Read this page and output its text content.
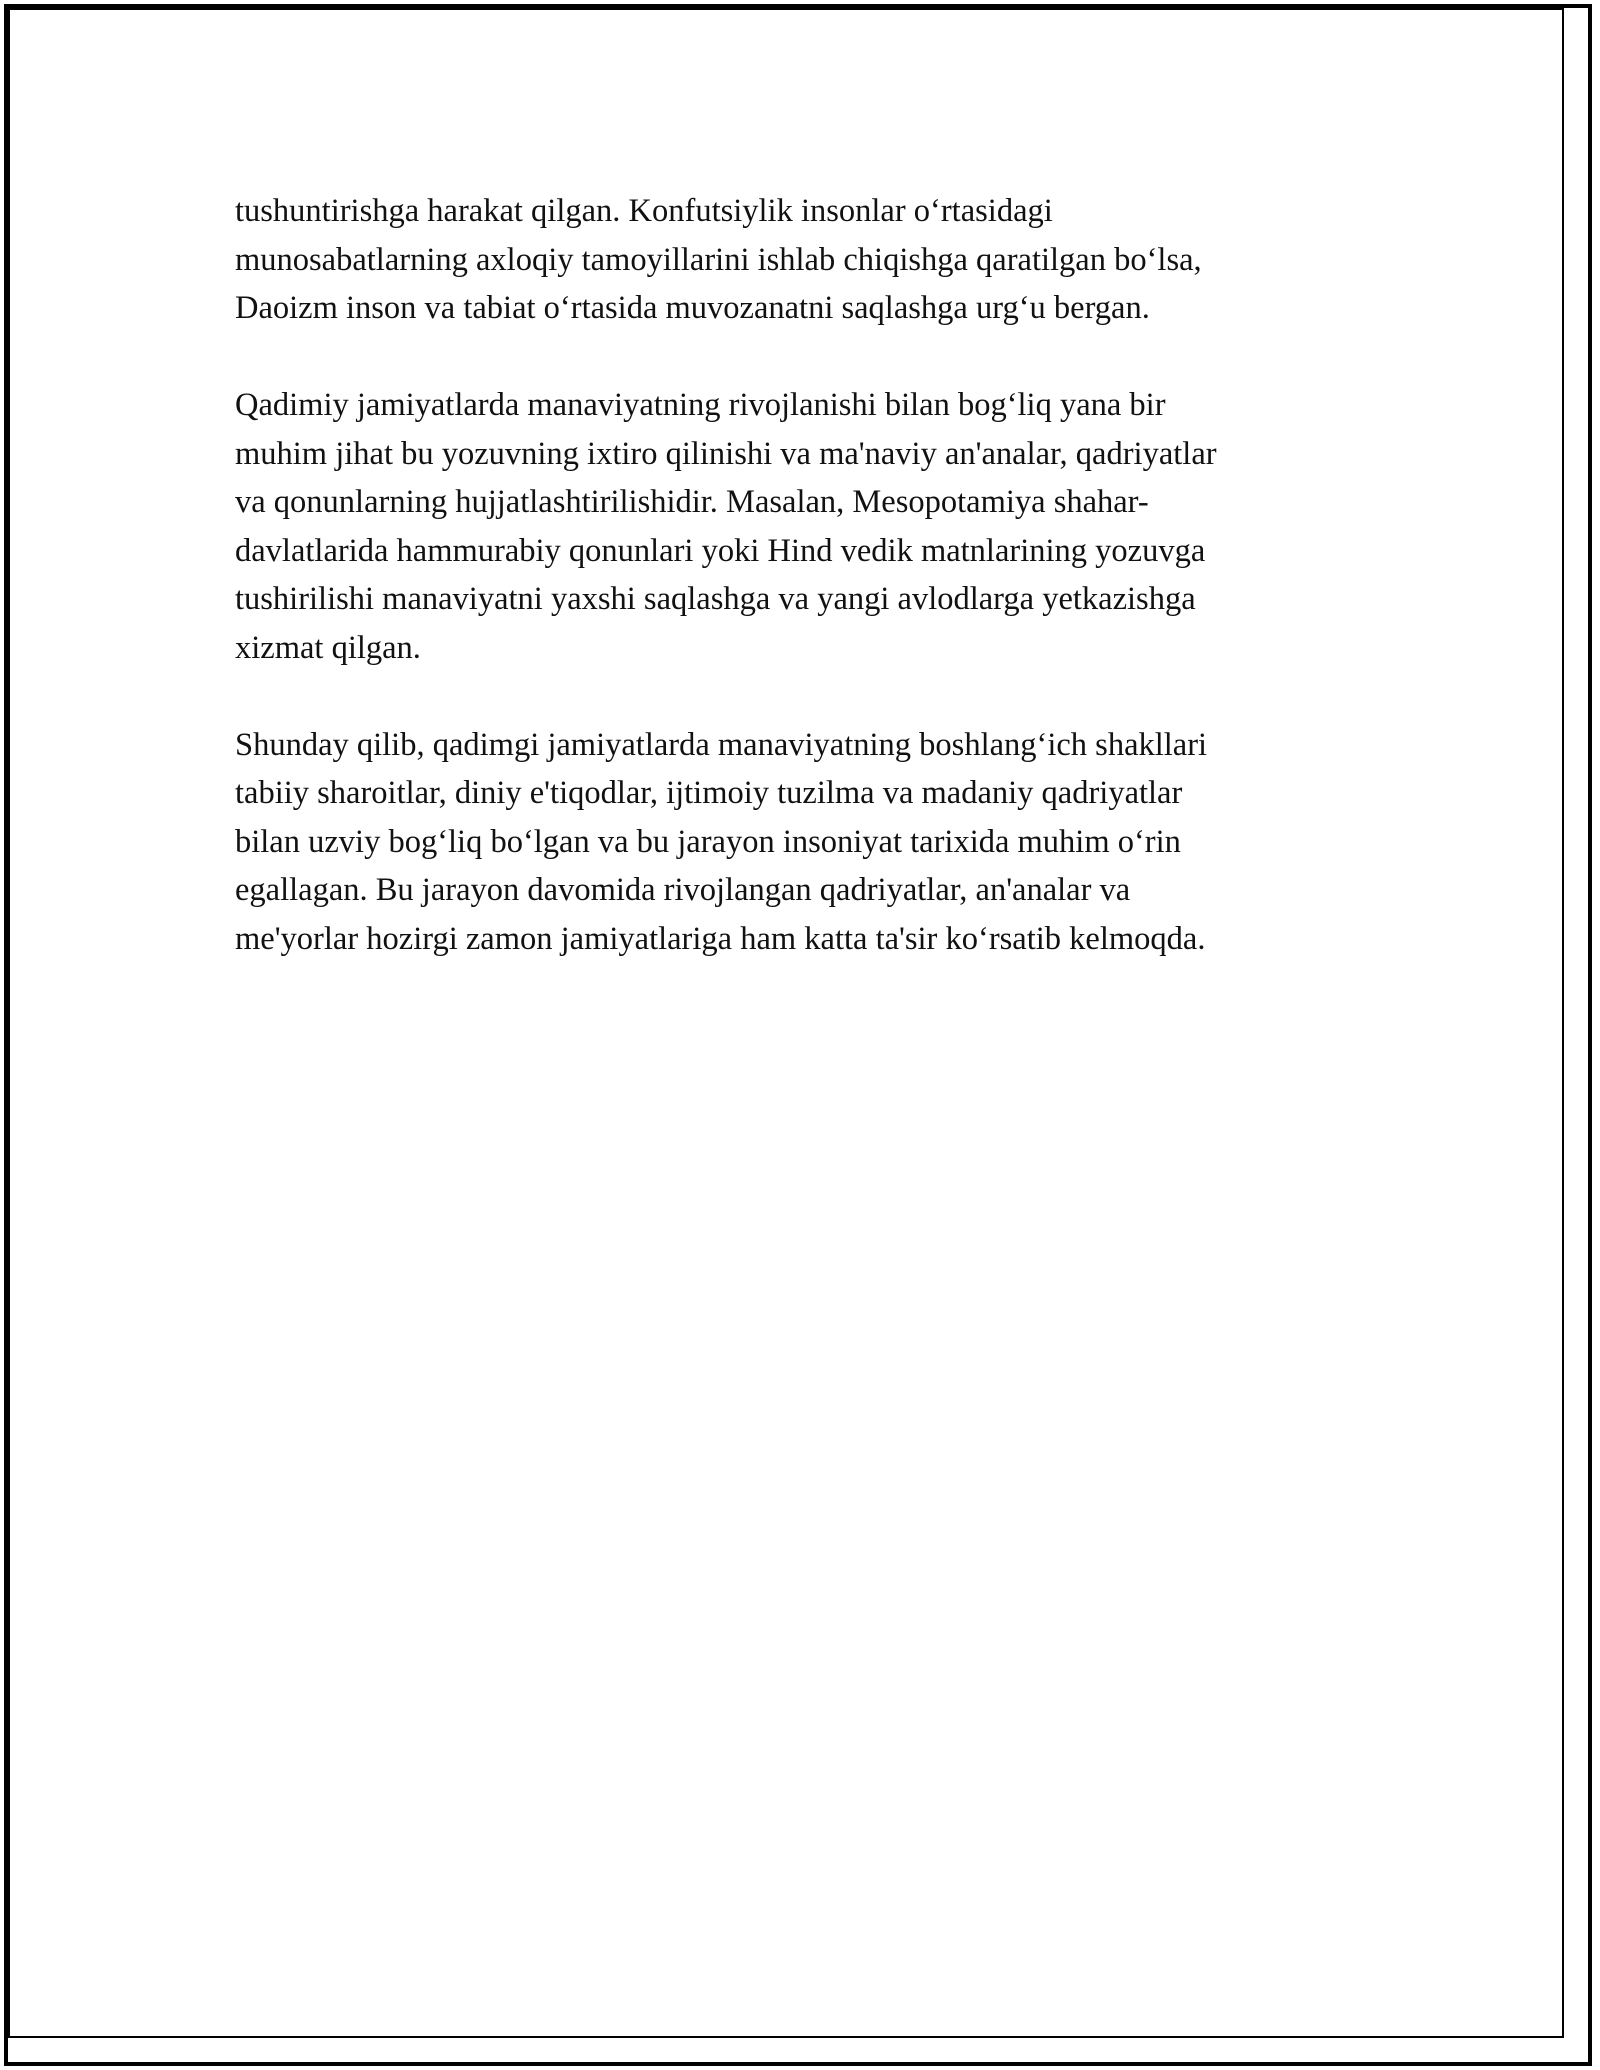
tushuntirishga harakat qilgan. Konfutsiylik insonlar o‘rtasidagi
munosabatlarning axloqiy tamoyillarini ishlab chiqishga qaratilgan bo‘lsa,
Daoizm inson va tabiat o‘rtasida muvozanatni saqlashga urg‘u bergan.

Qadimiy jamiyatlarda manaviyatning rivojlanishi bilan bog‘liq yana bir
muhim jihat bu yozuvning ixtiro qilinishi va ma'naviy an'analar, qadriyatlar
va qonunlarning hujjatlashtirilishidir. Masalan, Mesopotamiya shahar-
davlatlarida hammurabiy qonunlari yoki Hind vedik matnlarining yozuvga
tushirilishi manaviyatni yaxshi saqlashga va yangi avlodlarga yetkazishga
xizmat qilgan.

Shunday qilib, qadimgi jamiyatlarda manaviyatning boshlang‘ich shakllari
tabiiy sharoitlar, diniy e'tiqodlar, ijtimoiy tuzilma va madaniy qadriyatlar
bilan uzviy bog‘liq bo‘lgan va bu jarayon insoniyat tarixida muhim o‘rin
egallagan. Bu jarayon davomida rivojlangan qadriyatlar, an'analar va
me'yorlar hozirgi zamon jamiyatlariga ham katta ta'sir ko‘rsatib kelmoqda.
